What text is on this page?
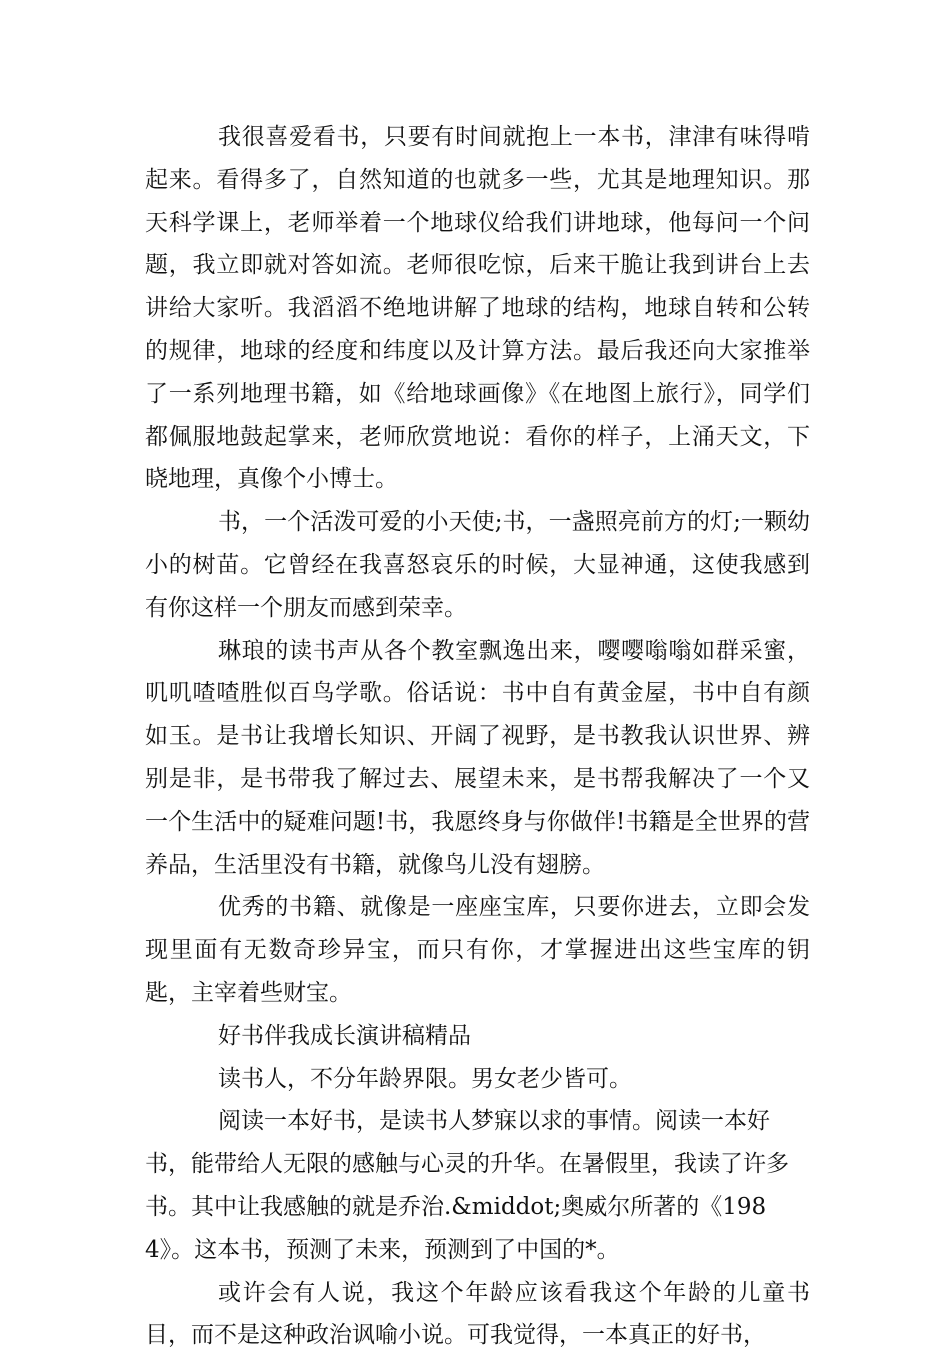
我很喜爱看书，只要有时间就抱上一本书，津津有味得啃起来。看得多了，自然知道的也就多一些，尤其是地理知识。那天科学课上，老师举着一个地球仪给我们讲地球，他每问一个问题，我立即就对答如流。老师很吃惊，后来干脆让我到讲台上去讲给大家听。我滔滔不绝地讲解了地球的结构，地球自转和公转的规律，地球的经度和纬度以及计算方法。最后我还向大家推举了一系列地理书籍，如《给地球画像》《在地图上旅行》，同学们都佩服地鼓起掌来，老师欣赏地说：看你的样子，上涌天文，下晓地理，真像个小博士。

书，一个活泼可爱的小天使;书，一盏照亮前方的灯;一颗幼小的树苗。它曾经在我喜怒哀乐的时候，大显神通，这使我感到有你这样一个朋友而感到荣幸。

琳琅的读书声从各个教室飘逸出来，嘤嘤嗡嗡如群采蜜，叽叽喳喳胜似百鸟学歌。俗话说：书中自有黄金屋，书中自有颜如玉。是书让我增长知识、开阔了视野，是书教我认识世界、辨别是非，是书带我了解过去、展望未来，是书帮我解决了一个又一个生活中的疑难问题!书，我愿终身与你做伴!书籍是全世界的营养品，生活里没有书籍，就像鸟儿没有翅膀。

优秀的书籍、就像是一座座宝库，只要你进去，立即会发现里面有无数奇珍异宝，而只有你，才掌握进出这些宝库的钥匙，主宰着些财宝。

好书伴我成长演讲稿精品

读书人，不分年龄界限。男女老少皆可。

阅读一本好书，是读书人梦寐以求的事情。阅读一本好书，能带给人无限的感触与心灵的升华。在暑假里，我读了许多书。其中让我感触的就是乔治.&middot;奥威尔所著的《1984》。这本书，预测了未来，预测到了中国的*。

或许会有人说，我这个年龄应该看我这个年龄的儿童书目，而不是这种政治讽喻小说。可我觉得，一本真正的好书，
